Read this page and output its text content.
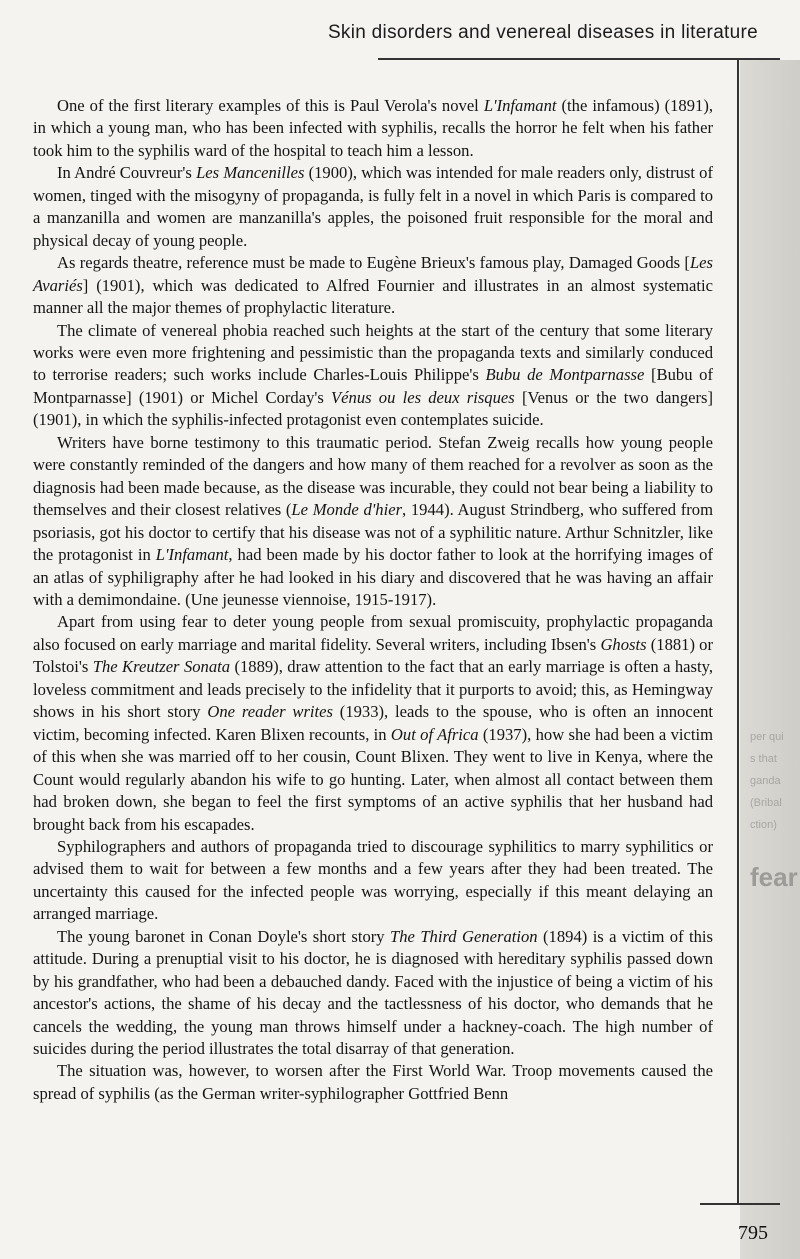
per qui
s that
ganda
(Bribal
ction)
fear
Skin disorders and venereal diseases in literature

One of the first literary examples of this is Paul Verola's novel L'Infamant (the infamous) (1891), in which a young man, who has been infected with syphilis, recalls the horror he felt when his father took him to the syphilis ward of the hospital to teach him a lesson.

In André Couvreur's Les Mancenilles (1900), which was intended for male readers only, distrust of women, tinged with the misogyny of propaganda, is fully felt in a novel in which Paris is compared to a manzanilla and women are manzanilla's apples, the poisoned fruit responsible for the moral and physical decay of young people.

As regards theatre, reference must be made to Eugène Brieux's famous play, Damaged Goods [Les Avariés] (1901), which was dedicated to Alfred Fournier and illustrates in an almost systematic manner all the major themes of prophylactic literature.

The climate of venereal phobia reached such heights at the start of the century that some literary works were even more frightening and pessimistic than the propaganda texts and similarly conduced to terrorise readers; such works include Charles-Louis Philippe's Bubu de Montparnasse [Bubu of Montparnasse] (1901) or Michel Corday's Vénus ou les deux risques [Venus or the two dangers] (1901), in which the syphilis-infected protagonist even contemplates suicide.

Writers have borne testimony to this traumatic period. Stefan Zweig recalls how young people were constantly reminded of the dangers and how many of them reached for a revolver as soon as the diagnosis had been made because, as the disease was incurable, they could not bear being a liability to themselves and their closest relatives (Le Monde d'hier, 1944). August Strindberg, who suffered from psoriasis, got his doctor to certify that his disease was not of a syphilitic nature. Arthur Schnitzler, like the protagonist in L'Infamant, had been made by his doctor father to look at the horrifying images of an atlas of syphiligraphy after he had looked in his diary and discovered that he was having an affair with a demimondaine. (Une jeunesse viennoise, 1915-1917).

Apart from using fear to deter young people from sexual promiscuity, prophylactic propaganda also focused on early marriage and marital fidelity. Several writers, including Ibsen's Ghosts (1881) or Tolstoi's The Kreutzer Sonata (1889), draw attention to the fact that an early marriage is often a hasty, loveless commitment and leads precisely to the infidelity that it purports to avoid; this, as Hemingway shows in his short story One reader writes (1933), leads to the spouse, who is often an innocent victim, becoming infected. Karen Blixen recounts, in Out of Africa (1937), how she had been a victim of this when she was married off to her cousin, Count Blixen. They went to live in Kenya, where the Count would regularly abandon his wife to go hunting. Later, when almost all contact between them had broken down, she began to feel the first symptoms of an active syphilis that her husband had brought back from his escapades.

Syphilographers and authors of propaganda tried to discourage syphilitics to marry syphilitics or advised them to wait for between a few months and a few years after they had been treated. The uncertainty this caused for the infected people was worrying, especially if this meant delaying an arranged marriage.

The young baronet in Conan Doyle's short story The Third Generation (1894) is a victim of this attitude. During a prenuptial visit to his doctor, he is diagnosed with hereditary syphilis passed down by his grandfather, who had been a debauched dandy. Faced with the injustice of being a victim of his ancestor's actions, the shame of his decay and the tactlessness of his doctor, who demands that he cancels the wedding, the young man throws himself under a hackney-coach. The high number of suicides during the period illustrates the total disarray of that generation.

The situation was, however, to worsen after the First World War. Troop movements caused the spread of syphilis (as the German writer-syphilographer Gottfried Benn

795
